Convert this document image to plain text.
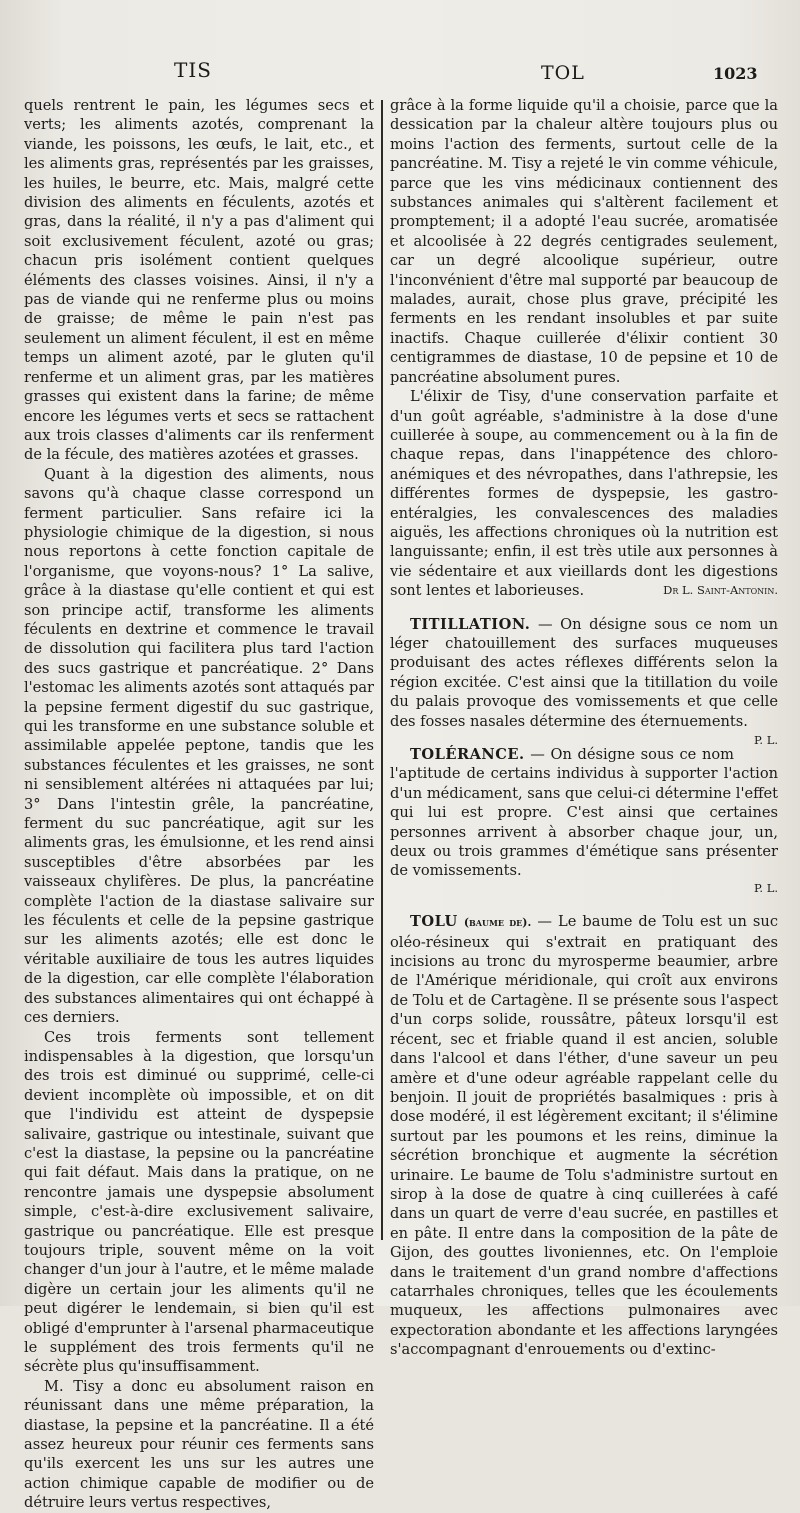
TIS	TOL	1023

quels rentrent le pain, les légumes secs et verts; les aliments azotés, comprenant la viande, les poissons, les œufs, le lait, etc., et les aliments gras, représentés par les graisses, les huiles, le beurre, etc. Mais, malgré cette division des aliments en féculents, azotés et gras, dans la réalité, il n'y a pas d'aliment qui soit exclusivement féculent, azoté ou gras; chacun pris isolément contient quelques éléments des classes voisines. Ainsi, il n'y a pas de viande qui ne renferme plus ou moins de graisse; de même le pain n'est pas seulement un aliment féculent, il est en même temps un aliment azoté, par le gluten qu'il renferme et un aliment gras, par les matières grasses qui existent dans la farine; de même encore les légumes verts et secs se rattachent aux trois classes d'aliments car ils renferment de la fécule, des matières azotées et grasses.

Quant à la digestion des aliments, nous savons qu'à chaque classe correspond un ferment particulier. Sans refaire ici la physiologie chimique de la digestion, si nous nous reportons à cette fonction capitale de l'organisme, que voyons-nous? 1° La salive, grâce à la diastase qu'elle contient et qui est son principe actif, transforme les aliments féculents en dextrine et commence le travail de dissolution qui facilitera plus tard l'action des sucs gastrique et pancréatique. 2° Dans l'estomac les aliments azotés sont attaqués par la pepsine ferment digestif du suc gastrique, qui les transforme en une substance soluble et assimilable appelée peptone, tandis que les substances féculentes et les graisses, ne sont ni sensiblement altérées ni attaquées par lui; 3° Dans l'intestin grêle, la pancréatine, ferment du suc pancréatique, agit sur les aliments gras, les émulsionne, et les rend ainsi susceptibles d'être absorbées par les vaisseaux chylifères. De plus, la pancréatine complète l'action de la diastase salivaire sur les féculents et celle de la pepsine gastrique sur les aliments azotés; elle est donc le véritable auxiliaire de tous les autres liquides de la digestion, car elle complète l'élaboration des substances alimentaires qui ont échappé à ces derniers.

Ces trois ferments sont tellement indispensables à la digestion, que lorsqu'un des trois est diminué ou supprimé, celle-ci devient incomplète où impossible, et on dit que l'individu est atteint de dyspepsie salivaire, gastrique ou intestinale, suivant que c'est la diastase, la pepsine ou la pancréatine qui fait défaut. Mais dans la pratique, on ne rencontre jamais une dyspepsie absolument simple, c'est-à-dire exclusivement salivaire, gastrique ou pancréatique. Elle est presque toujours triple, souvent même on la voit changer d'un jour à l'autre, et le même malade digère un certain jour les aliments qu'il ne peut digérer le lendemain, si bien qu'il est obligé d'emprunter à l'arsenal pharmaceutique le supplément des trois ferments qu'il ne sécrète plus qu'insuffisamment.

M. Tisy a donc eu absolument raison en réunissant dans une même préparation, la diastase, la pepsine et la pancréatine. Il a été assez heureux pour réunir ces ferments sans qu'ils exercent les uns sur les autres une action chimique capable de modifier ou de détruire leurs vertus respectives,

grâce à la forme liquide qu'il a choisie, parce que la dessication par la chaleur altère toujours plus ou moins l'action des ferments, surtout celle de la pancréatine. M. Tisy a rejeté le vin comme véhicule, parce que les vins médicinaux contiennent des substances animales qui s'altèrent facilement et promptement; il a adopté l'eau sucrée, aromatisée et alcoolisée à 22 degrés centigrades seulement, car un degré alcoolique supérieur, outre l'inconvénient d'être mal supporté par beaucoup de malades, aurait, chose plus grave, précipité les ferments en les rendant insolubles et par suite inactifs. Chaque cuillerée d'élixir contient 30 centigrammes de diastase, 10 de pepsine et 10 de pancréatine absolument pures.

L'élixir de Tisy, d'une conservation parfaite et d'un goût agréable, s'administre à la dose d'une cuillerée à soupe, au commencement ou à la fin de chaque repas, dans l'inappétence des chloro-anémiques et des névropathes, dans l'athrepsie, les différentes formes de dyspepsie, les gastro-entéralgies, les convalescences des maladies aiguës, les affections chroniques où la nutrition est languissante; enfin, il est très utile aux personnes à vie sédentaire et aux vieillards dont les digestions sont lentes et laborieuses.	Dr L. Saint-Antonin.

TITILLATION. — On désigne sous ce nom un léger chatouillement des surfaces muqueuses produisant des actes réflexes différents selon la région excitée. C'est ainsi que la titillation du voile du palais provoque des vomissements et que celle des fosses nasales détermine des éternuements.
P. L.

TOLÉRANCE. — On désigne sous ce nom l'aptitude de certains individus à supporter l'action d'un médicament, sans que celui-ci détermine l'effet qui lui est propre. C'est ainsi que certaines personnes arrivent à absorber chaque jour, un, deux ou trois grammes d'émétique sans présenter de vomissements.

P. L.

TOLU (baume de). — Le baume de Tolu est un suc oléo-résineux qui s'extrait en pratiquant des incisions au tronc du myrosperme beaumier, arbre de l'Amérique méridionale, qui croît aux environs de Tolu et de Cartagène. Il se présente sous l'aspect d'un corps solide, roussâtre, pâteux lorsqu'il est récent, sec et friable quand il est ancien, soluble dans l'alcool et dans l'éther, d'une saveur un peu amère et d'une odeur agréable rappelant celle du benjoin. Il jouit de propriétés basalmiques : pris à dose modéré, il est légèrement excitant; il s'élimine surtout par les poumons et les reins, diminue la sécrétion bronchique et augmente la sécrétion urinaire. Le baume de Tolu s'administre surtout en sirop à la dose de quatre à cinq cuillerées à café dans un quart de verre d'eau sucrée, en pastilles et en pâte. Il entre dans la composition de la pâte de Gijon, des gouttes livoniennes, etc. On l'emploie dans le traitement d'un grand nombre d'affections catarrhales chroniques, telles que les écoulements muqueux, les affections pulmonaires avec expectoration abondante et les affections laryngées s'accompagnant d'enrouements ou d'extinc-
